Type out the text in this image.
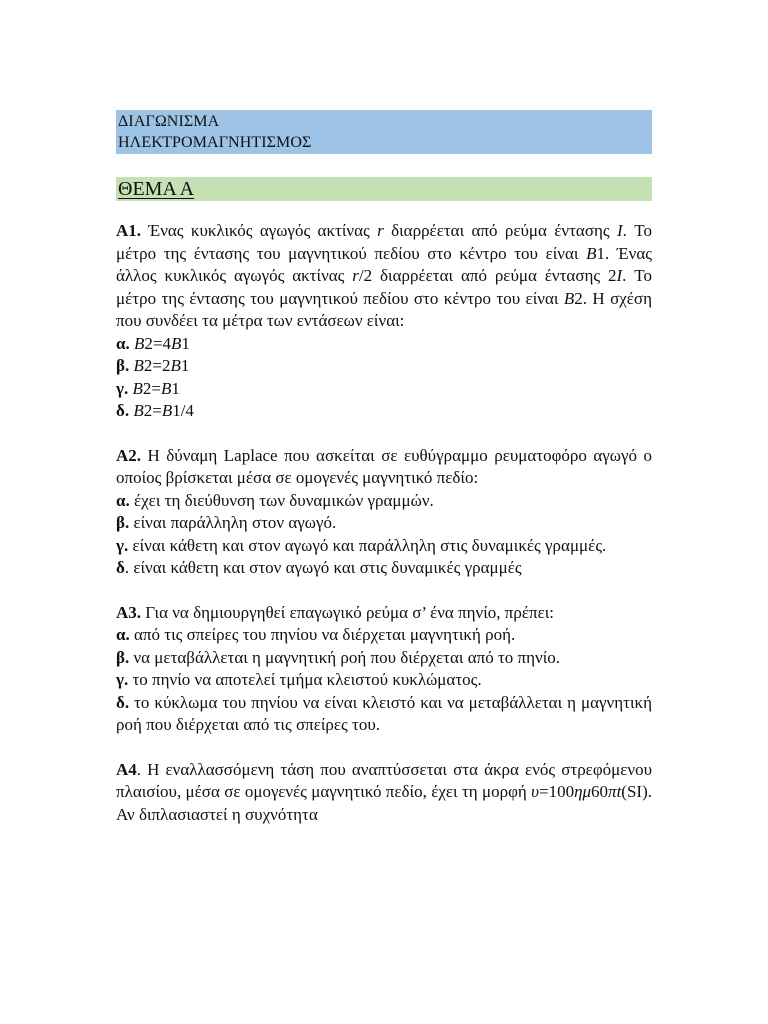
ΔΙΑΓΩΝΙΣΜΑ
ΗΛΕΚΤΡΟΜΑΓΝΗΤΙΣΜΟΣ
ΘΕΜΑ Α
Α1. Ένας κυκλικός αγωγός ακτίνας r διαρρέεται από ρεύμα έντασης I. Το μέτρο της έντασης του μαγνητικού πεδίου στο κέντρο του είναι B1. Ένας άλλος κυκλικός αγωγός ακτίνας r/2 διαρρέεται από ρεύμα έντασης 2I. Το μέτρο της έντασης του μαγνητικού πεδίου στο κέντρο του είναι B2. Η σχέση που συνδέει τα μέτρα των εντάσεων είναι:
α. B2=4B1
β. B2=2B1
γ. B2=B1
δ. B2=B1/4
Α2. Η δύναμη Laplace που ασκείται σε ευθύγραμμο ρευματοφόρο αγωγό ο οποίος βρίσκεται μέσα σε ομογενές μαγνητικό πεδίο:
α. έχει τη διεύθυνση των δυναμικών γραμμών.
β. είναι παράλληλη στον αγωγό.
γ. είναι κάθετη και στον αγωγό και παράλληλη στις δυναμικές γραμμές.
δ. είναι κάθετη και στον αγωγό και στις δυναμικές γραμμές
Α3. Για να δημιουργηθεί επαγωγικό ρεύμα σ’ ένα πηνίο, πρέπει:
α. από τις σπείρες του πηνίου να διέρχεται μαγνητική ροή.
β. να μεταβάλλεται η μαγνητική ροή που διέρχεται από το πηνίο.
γ. το πηνίο να αποτελεί τμήμα κλειστού κυκλώματος.
δ. το κύκλωμα του πηνίου να είναι κλειστό και να μεταβάλλεται η μαγνητική ροή που διέρχεται από τις σπείρες του.
Α4. Η εναλλασσόμενη τάση που αναπτύσσεται στα άκρα ενός στρεφόμενου πλαισίου, μέσα σε ομογενές μαγνητικό πεδίο, έχει τη μορφή υ=100ημ60πt(SI). Αν διπλασιαστεί η συχνότητα
